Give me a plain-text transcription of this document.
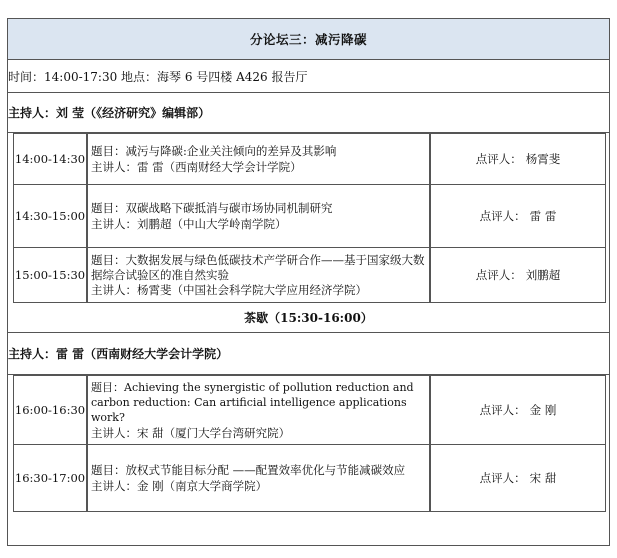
分论坛三：减污降碳
时间：14:00-17:30 地点：海琴 6 号四楼 A426 报告厅
主持人：刘 莹（《经济研究》编辑部）
14:00-14:30
题目：减污与降碳:企业关注倾向的差异及其影响
主讲人：雷 雷（西南财经大学会计学院）
点评人： 杨霄斐
14:30-15:00
题目：双碳战略下碳抵消与碳市场协同机制研究
主讲人：刘鹏超（中山大学岭南学院）
点评人： 雷 雷
15:00-15:30
题目：大数据发展与绿色低碳技术产学研合作——基于国家级大数据综合试验区的准自然实验
主讲人：杨霄斐（中国社会科学院大学应用经济学院）
点评人： 刘鹏超
茶歇（15:30-16:00）
主持人：雷 雷（西南财经大学会计学院）
16:00-16:30
题目：Achieving the synergistic of pollution reduction and carbon reduction: Can artificial intelligence applications work?
主讲人：宋 甜（厦门大学台湾研究院）
点评人： 金 刚
16:30-17:00
题目：放权式节能目标分配 ——配置效率优化与节能减碳效应
主讲人：金 刚（南京大学商学院）
点评人： 宋 甜
